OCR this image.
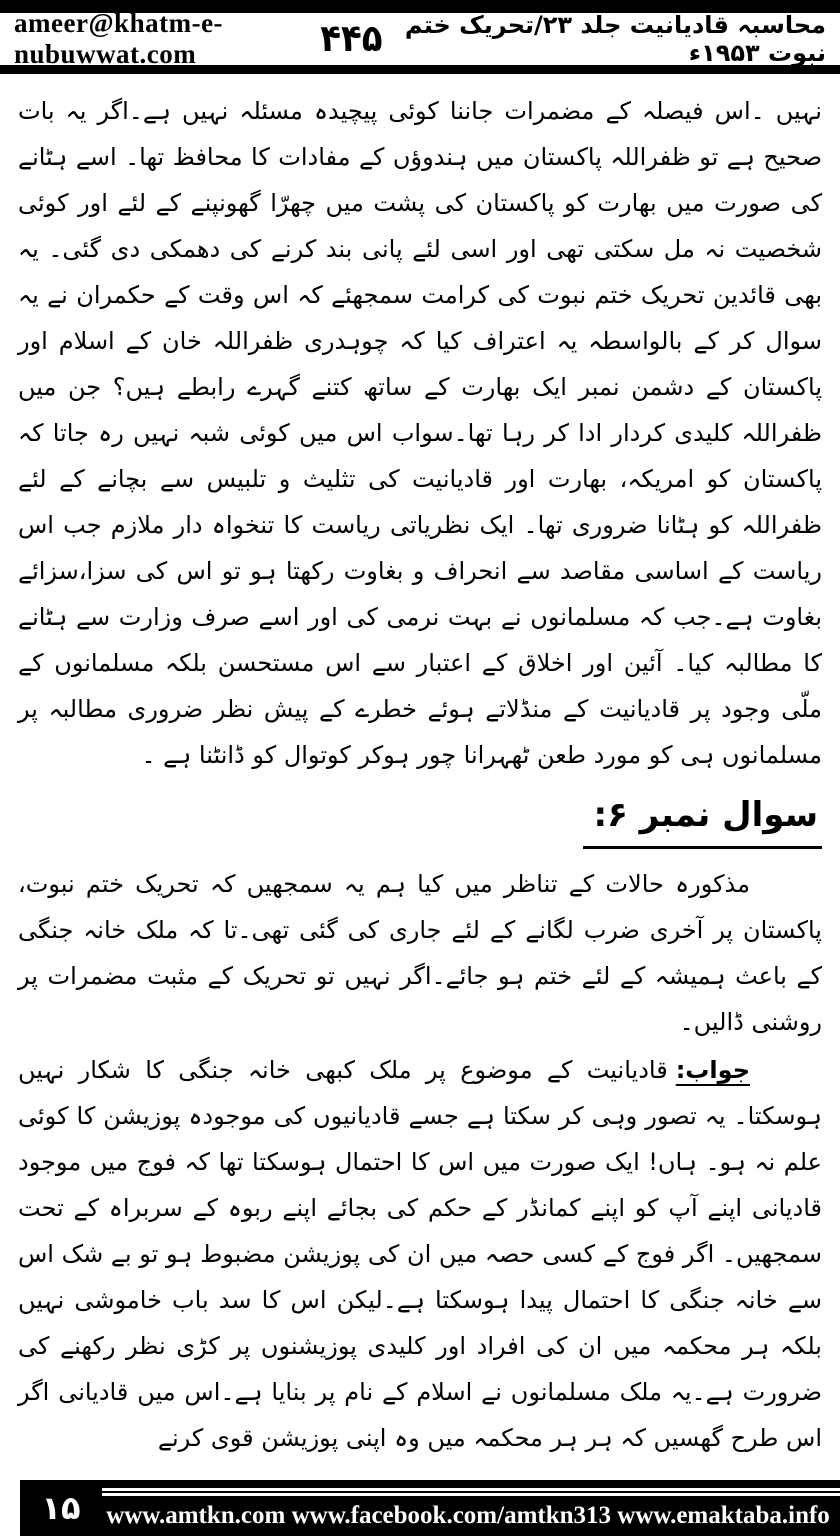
ameer@khatm-e-nubuwwat.com	۴۴۵ محاسبہ قادیانیت جلد ۲۳/تحریک ختم نبوت ۱۹۵۳ء
نہیں ۔اس فیصلہ کے مضمرات جاننا کوئی پیچیدہ مسئلہ نہیں ہے۔اگر یہ بات صحیح ہے تو ظفراللہ پاکستان میں ہندوؤں کے مفادات کا محافظ تھا۔ اسے ہٹانے کی صورت میں بھارت کو پاکستان کی پشت میں چھرّا گھونپنے کے لئے اور کوئی شخصیت نہ مل سکتی تھی اور اسی لئے پانی بند کرنے کی دھمکی دی گئی۔ یہ بھی قائدین تحریک ختم نبوت کی کرامت سمجھئے کہ اس وقت کے حکمران نے یہ سوال کر کے بالواسطہ یہ اعتراف کیا کہ چوہدری ظفراللہ خان کے اسلام اور پاکستان کے دشمن نمبر ایک بھارت کے ساتھ کتنے گہرے رابطے ہیں؟ جن میں ظفراللہ کلیدی کردار ادا کر رہا تھا۔سواب اس میں کوئی شبہ نہیں رہ جاتا کہ پاکستان کو امریکہ، بھارت اور قادیانیت کی تثلیث و تلبیس سے بچانے کے لئے ظفراللہ کو ہٹانا ضروری تھا۔ ایک نظریاتی ریاست کا تنخواہ دار ملازم جب اس ریاست کے اساسی مقاصد سے انحراف و بغاوت رکھتا ہو تو اس کی سزا،سزائے بغاوت ہے۔جب کہ مسلمانوں نے بہت نرمی کی اور اسے صرف وزارت سے ہٹانے کا مطالبہ کیا۔ آئین اور اخلاق کے اعتبار سے اس مستحسن بلکہ مسلمانوں کے ملّی وجود پر قادیانیت کے منڈلاتے ہوئے خطرے کے پیش نظر ضروری مطالبہ پر مسلمانوں ہی کو مورد طعن ٹھہرانا چور ہوکر کوتوال کو ڈانٹنا ہے ۔
سوال نمبر ۶:
مذکورہ حالات کے تناظر میں کیا ہم یہ سمجھیں کہ تحریک ختم نبوت، پاکستان پر آخری ضرب لگانے کے لئے جاری کی گئی تھی۔تا کہ ملک خانہ جنگی کے باعث ہمیشہ کے لئے ختم ہو جائے۔اگر نہیں تو تحریک کے مثبت مضمرات پر روشنی ڈالیں۔
جواب:قادیانیت کے موضوع پر ملک کبھی خانہ جنگی کا شکار نہیں ہوسکتا۔ یہ تصور وہی کر سکتا ہے جسے قادیانیوں کی موجودہ پوزیشن کا کوئی علم نہ ہو۔ ہاں! ایک صورت میں اس کا احتمال ہوسکتا تھا کہ فوج میں موجود قادیانی اپنے آپ کو اپنے کمانڈر کے حکم کی بجائے اپنے ربوہ کے سربراہ کے تحت سمجھیں۔ اگر فوج کے کسی حصہ میں ان کی پوزیشن مضبوط ہو تو بے شک اس سے خانہ جنگی کا احتمال پیدا ہوسکتا ہے۔لیکن اس کا سد باب خاموشی نہیں بلکہ ہر محکمہ میں ان کی افراد اور کلیدی پوزیشنوں پر کڑی نظر رکھنے کی ضرورت ہے۔یہ ملک مسلمانوں نے اسلام کے نام پر بنایا ہے۔اس میں قادیانی اگر اس طرح گھسیں کہ ہر ہر محکمہ میں وہ اپنی پوزیشن قوی کرنے
www.amtkn.com www.facebook.com/amtkn313 www.emaktaba.info
۱۵
